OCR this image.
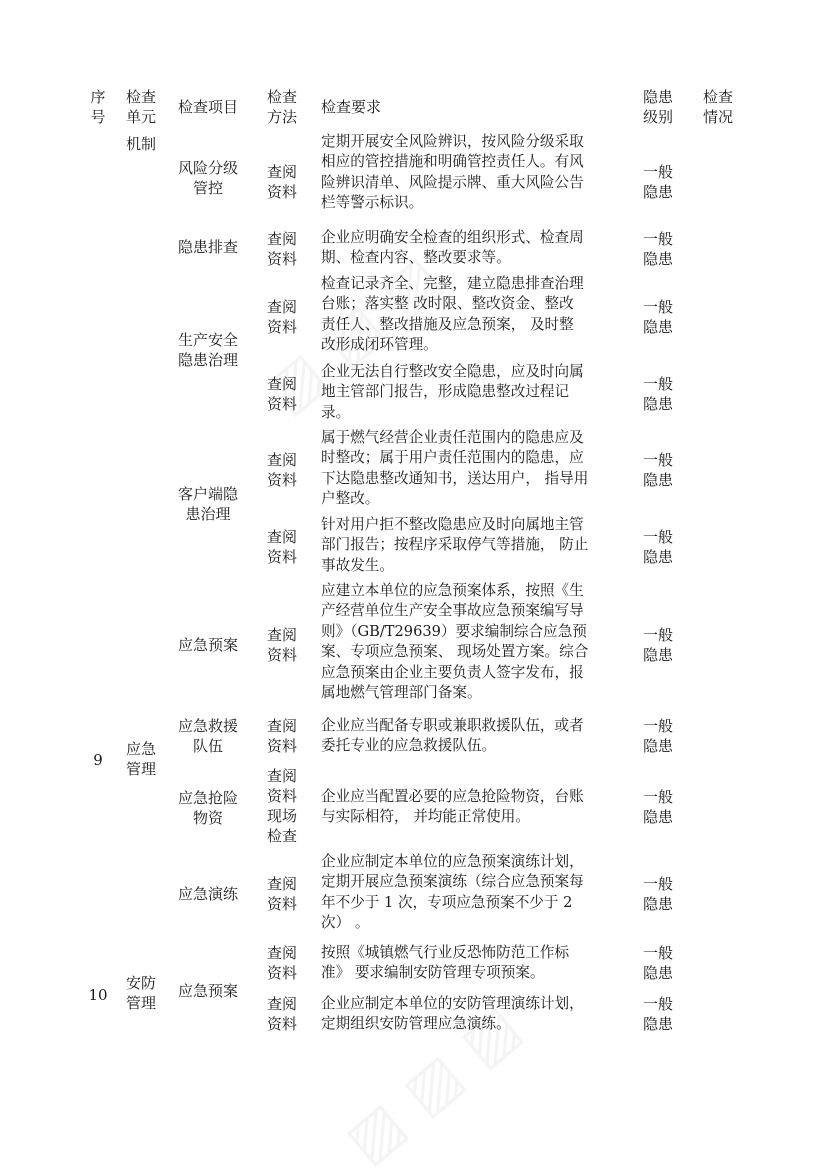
序
号
检查
单元
检查项目
检查
方法
检查要求
隐患
级别
检查
情况
机制
9
应急
管理
10
安防
管理
风险分级
管控
隐患排查
生产安全
隐患治理
客户端隐
患治理
应急预案
应急救援
队伍
应急抢险
物资
应急演练
应急预案
查阅
资料
定期开展安全风险辨识，按风险分级采取
相应的管控措施和明确管控责任人。有风
险辨识清单、风险提示牌、重大风险公告
栏等警示标识。
一般
隐患
查阅
资料
企业应明确安全检查的组织形式、检查周
期、检查内容、整改要求等。
一般
隐患
查阅
资料
检查记录齐全、完整，建立隐患排查治理
台账；落实整 改时限、整改资金、整改
责任人、整改措施及应急预案， 及时整
改形成闭环管理。
一般
隐患
查阅
资料
企业无法自行整改安全隐患，应及时向属
地主管部门报告，形成隐患整改过程记
录。
一般
隐患
查阅
资料
属于燃气经营企业责任范围内的隐患应及
时整改；属于用户责任范围内的隐患，应
下达隐患整改通知书，送达用户， 指导用
户整改。
一般
隐患
查阅
资料
针对用户拒不整改隐患应及时向属地主管
部门报告；按程序采取停气等措施， 防止
事故发生。
一般
隐患
查阅
资料
应建立本单位的应急预案体系，按照《生
产经营单位生产安全事故应急预案编写导
则》（GB/T29639）要求编制综合应急预
案、专项应急预案、 现场处置方案。综合
应急预案由企业主要负责人签字发布，报
属地燃气管理部门备案。
一般
隐患
查阅
资料
企业应当配备专职或兼职救援队伍，或者
委托专业的应急救援队伍。
一般
隐患
查阅
资料
现场
检查
企业应当配置必要的应急抢险物资，台账
与实际相符， 并均能正常使用。
一般
隐患
查阅
资料
企业应制定本单位的应急预案演练计划，
定期开展应急预案演练（综合应急预案每
年不少于 1 次，专项应急预案不少于 2
次） 。
一般
隐患
查阅
资料
按照《城镇燃气行业反恐怖防范工作标
准》 要求编制安防管理专项预案。
一般
隐患
查阅
资料
企业应制定本单位的安防管理演练计划，
定期组织安防管理应急演练。
一般
隐患
